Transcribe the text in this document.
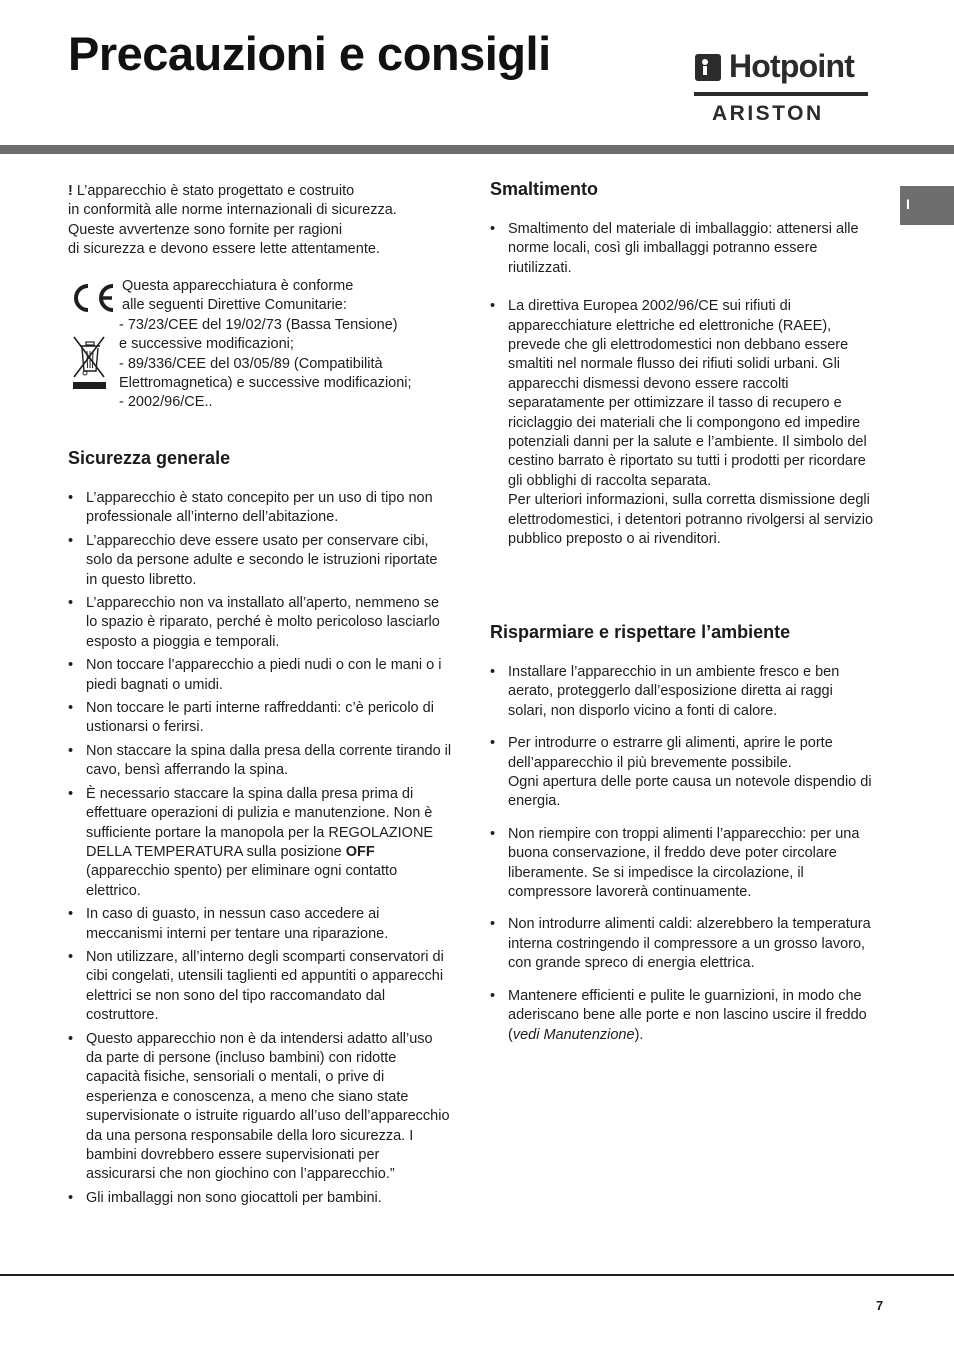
Precauzioni e consigli	Hotpoint
ARISTON
I

! L’apparecchio è stato progettato e costruito

in conformità alle norme internazionali di sicurezza.

Queste avvertenze sono fornite per ragioni

di sicurezza e devono essere lette attentamente.

Questa apparecchiatura è conforme

alle seguenti Direttive Comunitarie:

- 73/23/CEE del 19/02/73 (Bassa Tensione)

e successive modificazioni;

- 89/336/CEE del 03/05/89 (Compatibilità

Elettromagnetica) e successive modificazioni;

- 2002/96/CE..

Sicurezza generale
• L’apparecchio è stato concepito per un uso di tipo non professionale all’interno dell’abitazione.
• L’apparecchio deve essere usato per conservare cibi, solo da persone adulte e secondo le istruzioni riportate in questo libretto.
• L’apparecchio non va installato all’aperto, nemmeno se lo spazio è riparato, perché è molto pericoloso lasciarlo esposto a pioggia e temporali.
• Non toccare l’apparecchio a piedi nudi o con le mani o i piedi bagnati o umidi.
• Non toccare le parti interne raffreddanti: c’è pericolo di ustionarsi o ferirsi.
• Non staccare la spina dalla presa della corrente tirando il cavo, bensì afferrando la spina.
• È necessario staccare la spina dalla presa prima di effettuare operazioni di pulizia e manutenzione. Non è sufficiente portare la manopola per la REGOLAZIONE DELLA TEMPERATURA sulla posizione OFF (apparecchio spento) per eliminare ogni contatto elettrico.
• In caso di guasto, in nessun caso accedere ai meccanismi interni per tentare una riparazione.
• Non utilizzare, all’interno degli scomparti conservatori di cibi congelati, utensili taglienti ed appuntiti o apparecchi elettrici se non sono del tipo raccomandato dal costruttore.
• Questo apparecchio non è da intendersi adatto all’uso da parte di persone (incluso bambini) con ridotte capacità fisiche, sensoriali o mentali, o prive di esperienza e conoscenza, a meno che siano state supervisionate o istruite riguardo all’uso dell’apparecchio da una persona responsabile della loro sicurezza. I bambini dovrebbero essere supervisionati per assicurarsi che non giochino con l’apparecchio.”
• Gli imballaggi non sono giocattoli per bambini.
Smaltimento
• Smaltimento del materiale di imballaggio: attenersi alle norme locali, così gli imballaggi potranno essere riutilizzati.
• La direttiva Europea 2002/96/CE sui rifiuti di apparecchiature elettriche ed elettroniche (RAEE), prevede che gli elettrodomestici non debbano essere smaltiti nel normale flusso dei rifiuti solidi urbani. Gli apparecchi dismessi devono essere raccolti separatamente per ottimizzare il tasso di recupero e riciclaggio dei materiali che li compongono ed impedire potenziali danni per la salute e l’ambiente. Il simbolo del cestino barrato è riportato su tutti i prodotti per ricordare gli obblighi di raccolta separata.
Per ulteriori informazioni, sulla corretta dismissione degli elettrodomestici, i detentori potranno rivolgersi al servizio pubblico preposto o ai rivenditori.
Risparmiare e rispettare l’ambiente
• Installare l’apparecchio in un ambiente fresco e ben aerato, proteggerlo dall’esposizione diretta ai raggi solari, non disporlo vicino a fonti di calore.
• Per introdurre o estrarre gli alimenti, aprire le porte dell’apparecchio il più brevemente possibile.
Ogni apertura delle porte causa un notevole dispendio di energia.
• Non riempire con troppi alimenti l’apparecchio: per una buona conservazione, il freddo deve poter circolare liberamente. Se si impedisce la circolazione, il compressore lavorerà continuamente.
• Non introdurre alimenti caldi: alzerebbero la temperatura interna costringendo il compressore a un grosso lavoro, con grande spreco di energia elettrica.
• Mantenere efficienti e pulite le guarnizioni, in modo che aderiscano bene alle porte e non lascino uscire il freddo (vedi Manutenzione).
7
